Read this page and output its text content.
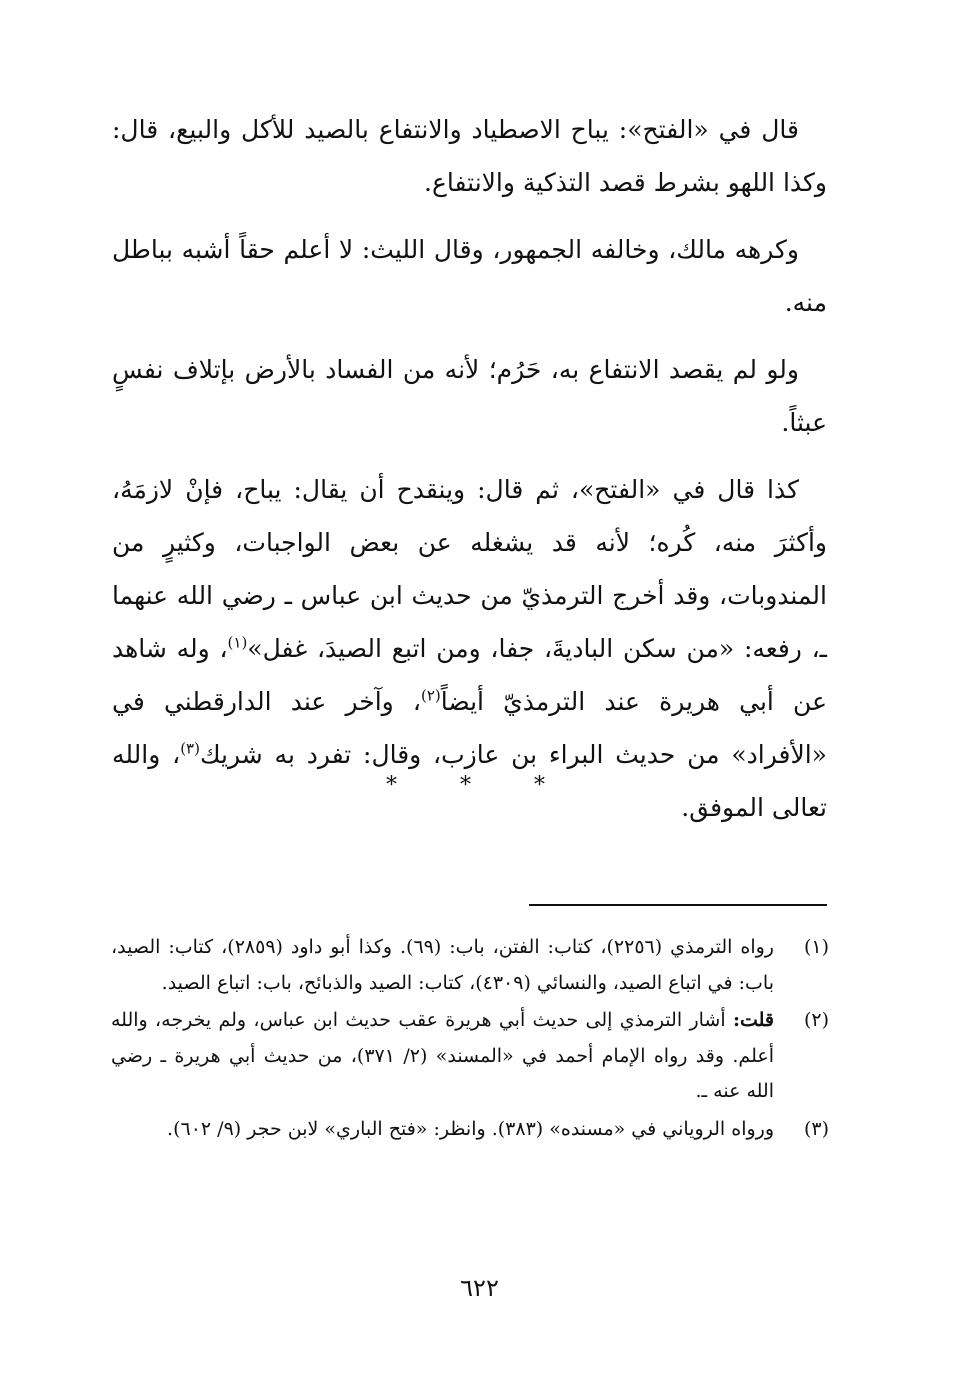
قال في «الفتح»: يباح الاصطياد والانتفاع بالصيد للأكل والبيع، قال: وكذا اللهو بشرط قصد التذكية والانتفاع.

وكرهه مالك، وخالفه الجمهور، وقال الليث: لا أعلم حقاً أشبه بباطل منه.

ولو لم يقصد الانتفاع به، حَرُم؛ لأنه من الفساد بالأرض بإتلاف نفسٍ عبثاً.

كذا قال في «الفتح»، ثم قال: وينقدح أن يقال: يباح، فإنْ لازمَهُ، وأكثرَ منه، كُره؛ لأنه قد يشغله عن بعض الواجبات، وكثيرٍ من المندوبات، وقد أخرج الترمذيّ من حديث ابن عباس ـ رضي الله عنهما ـ، رفعه: «من سكن الباديةَ، جفا، ومن اتبع الصيدَ، غفل»$^{(١)}$، وله شاهد عن أبي هريرة عند الترمذيّ أيضاً$^{(٢)}$، وآخر عند الدارقطني في «الأفراد» من حديث البراء بن عازب، وقال: تفرد به شريك$^{(٣)}$، والله تعالى الموفق.

* * *
(١)
رواه الترمذي (٢٢٥٦)، كتاب: الفتن، باب: (٦٩). وكذا أبو داود (٢٨٥٩)، كتاب: الصيد، باب: في اتباع الصيد، والنسائي (٤٣٠٩)، كتاب: الصيد والذبائح، باب: اتباع الصيد.
(٢)
قلت: أشار الترمذي إلى حديث أبي هريرة عقب حديث ابن عباس، ولم يخرجه، والله أعلم. وقد رواه الإمام أحمد في «المسند» (٢/ ٣٧١)، من حديث أبي هريرة ـ رضي الله عنه ـ.
(٣)
ورواه الروياني في «مسنده» (٣٨٣). وانظر: «فتح الباري» لابن حجر (٩/ ٦٠٢).
٦٢٢
